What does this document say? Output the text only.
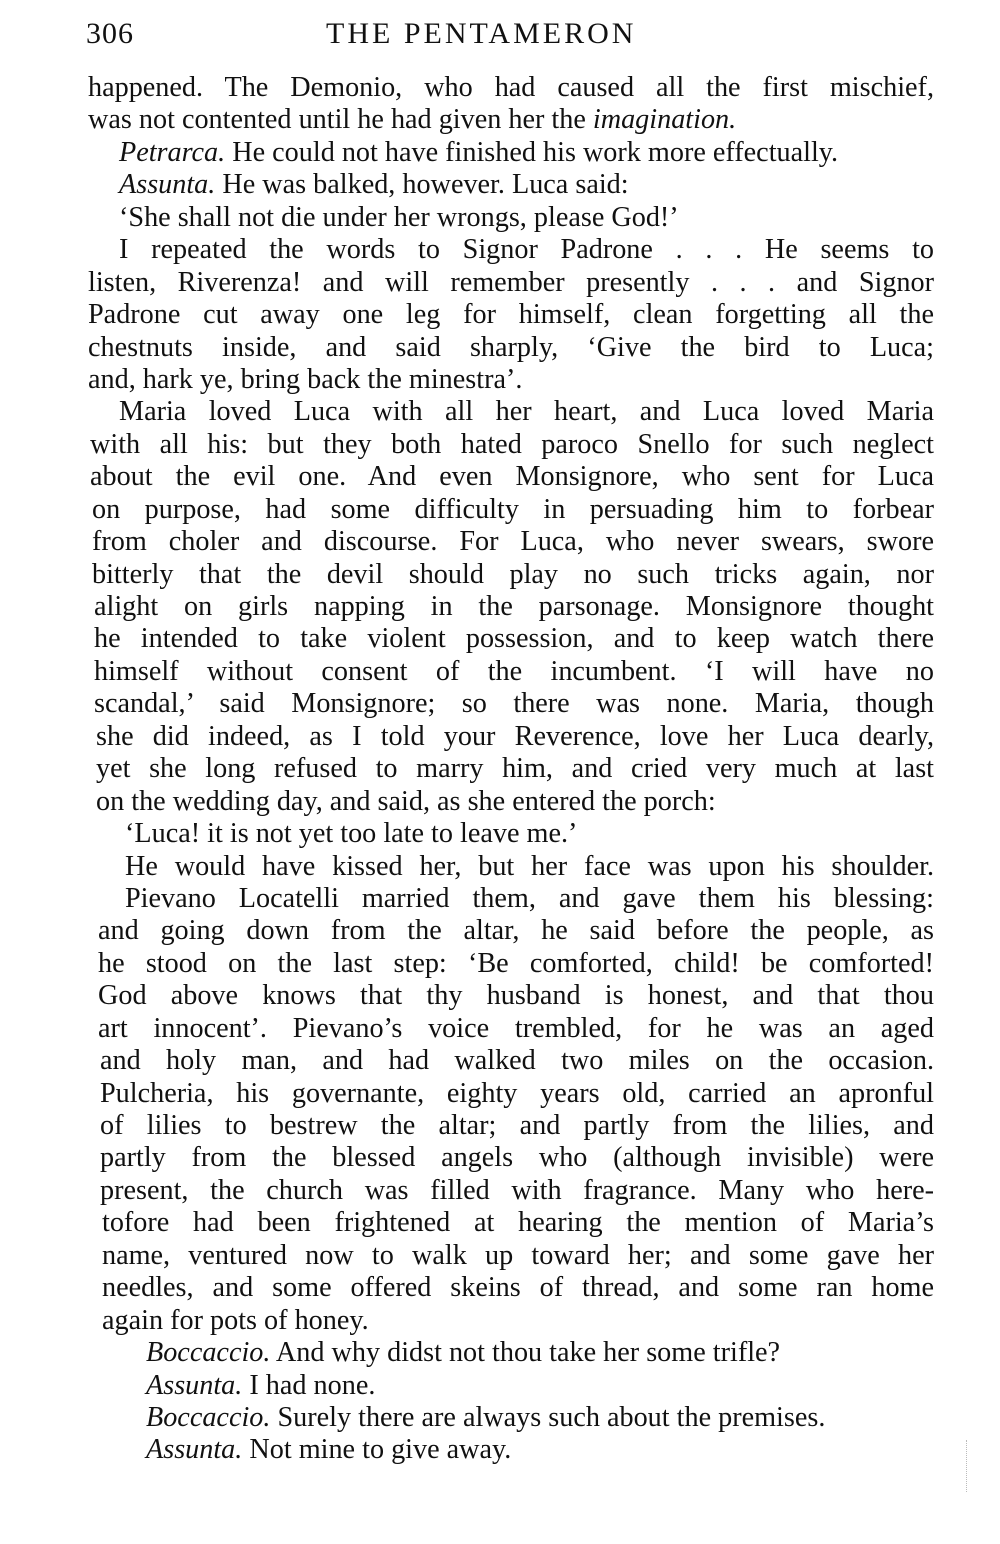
306	THE PENTAMERON
happened. The Demonio, who had caused all the first mischief,
was not contented until he had given her the imagination.
Petrarca. He could not have finished his work more effectually.
Assunta. He was balked, however. Luca said:
‘She shall not die under her wrongs, please God!’
I repeated the words to Signor Padrone . . . He seems to
listen, Riverenza! and will remember presently . . . and Signor
Padrone cut away one leg for himself, clean forgetting all the
chestnuts inside, and said sharply, ‘Give the bird to Luca;
and, hark ye, bring back the minestra’.
Maria loved Luca with all her heart, and Luca loved Maria
with all his: but they both hated paroco Snello for such neglect
about the evil one. And even Monsignore, who sent for Luca
on purpose, had some difficulty in persuading him to forbear
from choler and discourse. For Luca, who never swears, swore
bitterly that the devil should play no such tricks again, nor
alight on girls napping in the parsonage. Monsignore thought
he intended to take violent possession, and to keep watch there
himself without consent of the incumbent. ‘I will have no
scandal,’ said Monsignore; so there was none. Maria, though
she did indeed, as I told your Reverence, love her Luca dearly,
yet she long refused to marry him, and cried very much at last
on the wedding day, and said, as she entered the porch:
‘Luca! it is not yet too late to leave me.’
He would have kissed her, but her face was upon his shoulder.
Pievano Locatelli married them, and gave them his blessing:
and going down from the altar, he said before the people, as
he stood on the last step: ‘Be comforted, child! be comforted!
God above knows that thy husband is honest, and that thou
art innocent’. Pievano’s voice trembled, for he was an aged
and holy man, and had walked two miles on the occasion.
Pulcheria, his governante, eighty years old, carried an apronful
of lilies to bestrew the altar; and partly from the lilies, and
partly from the blessed angels who (although invisible) were
present, the church was filled with fragrance. Many who here-
tofore had been frightened at hearing the mention of Maria’s
name, ventured now to walk up toward her; and some gave her
needles, and some offered skeins of thread, and some ran home
again for pots of honey.
Boccaccio. And why didst not thou take her some trifle?
Assunta. I had none.
Boccaccio. Surely there are always such about the premises.
Assunta. Not mine to give away.
